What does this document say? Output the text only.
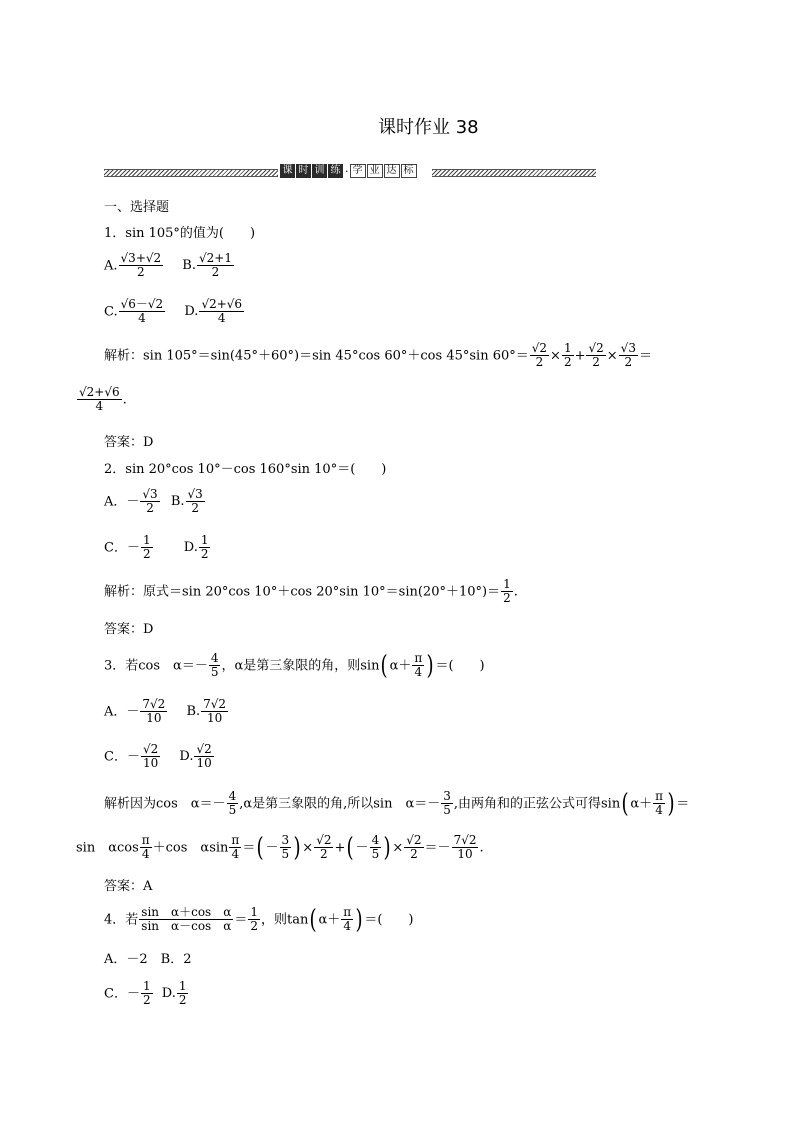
课时作业 38
课 时 训 练 · 学 业 达 标
一、选择题
1．sin 105°的值为(　　)
A. $\frac{√3+√2}{2} B$. $\frac{√2+1}{2}$
C. $\frac{√6-√2}{4} D$. $\frac{√2+√6}{4}$
解析：sin 105°＝sin(45°＋60°)＝sin 45°cos 60°＋cos 45°sin $60^\circ= \frac{√2}{2} \times \frac{1}{2} + \frac{√2}{2} \times \frac{√3}{2}$ ＝
$\frac{√2+√6}{4}$ .
答案：D
2．sin 20°cos 10°－cos 160°sin 10°＝(　　)
A．－ $\frac{√3}{2} B$. $\frac{√3}{2}$
C．－ $\frac{1}{2} D$. $\frac{1}{2}$
解析：原式＝sin 20°cos 10°＋cos 20°sin $10^\circ=\sin(20^\circ+10^\circ)= \frac{1}{2}$ .
答案：D
3．若cos　$\alpha=- \frac{4}{5}$ ，α是第三象限的角，则sin( $\alpha+ \frac{\pi}{4}$ ) ＝(　　)
A．－ $\frac{7√2}{10} B$. $\frac{7√2}{10}$
C．－ $\frac{√2}{10} D$. $\frac{√2}{10}$
解析因为cos　$\alpha=- \frac{4}{5} ,\alpha$是第三象限的角,所以sin　$\alpha=- \frac{3}{5}$ ,由两角和的正弦公式可得sin( $\alpha+ \frac{\pi}{4}$ ) ＝
sin　αcos $\frac{\pi}{4} +\cos$　αsin $\frac{\pi}{4}$ ＝( － $\frac{3}{5}$ ) × $\frac{√2}{2}$ +( － $\frac{4}{5}$ ) × $\frac{√2}{2} =- \frac{7√2}{10}$ .
答案：A
4．若 $\frac{\text{sin　α＋cos　α}}{\text{sin　α－cos　α}} = \frac{1}{2}$ ，则tan( $\alpha+ \frac{\pi}{4}$ ) ＝(　　)
A．－2　B．2
C．－ $\frac{1}{2} D$. $\frac{1}{2}$
